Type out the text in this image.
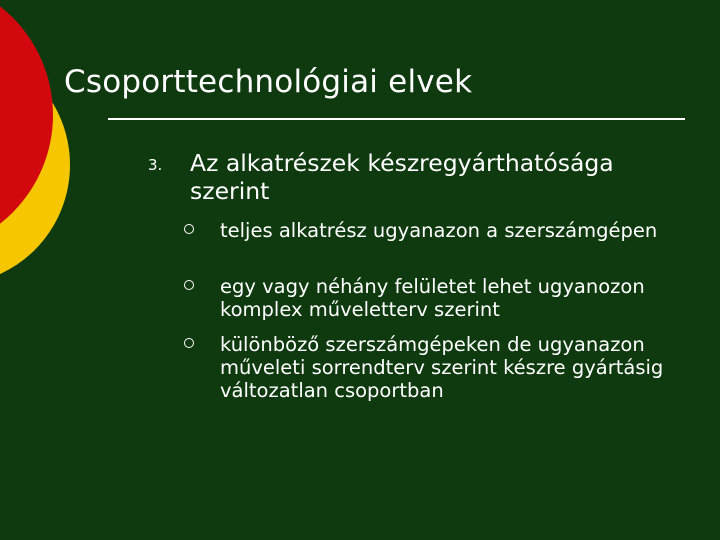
Csoporttechnológiai elvek
3. Az alkatrészek készregyárthatósága szerint
teljes alkatrész ugyanazon a szerszámgépen
egy vagy néhány felületet lehet ugyanozon komplex műveletterv szerint
különböző szerszámgépeken de ugyanazon műveleti sorrendterv szerint készre gyártásig változatlan csoportban
